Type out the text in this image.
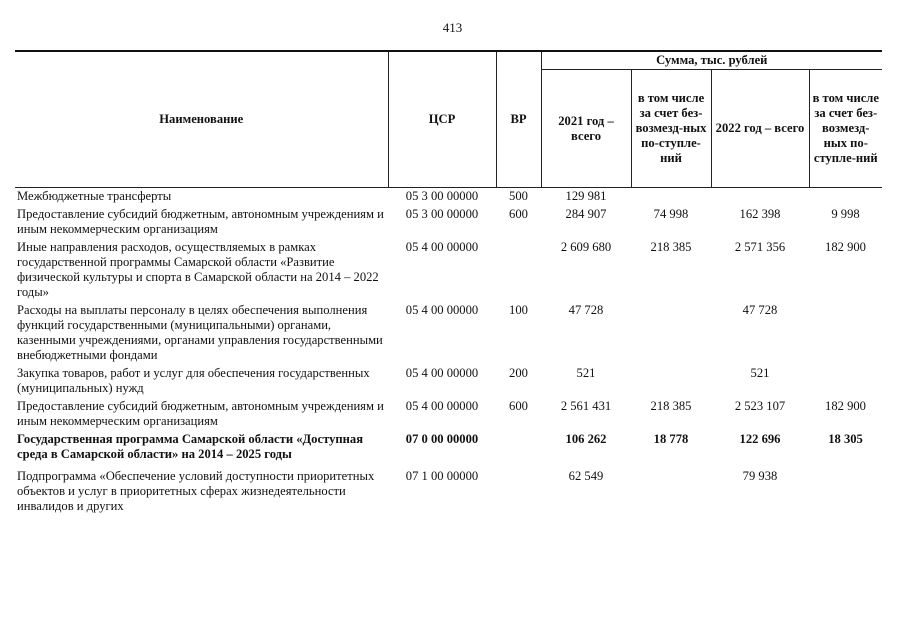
413
Наименование	ЦСР	ВР	Сумма, тыс. рублей			
			2021 год – всего	в том числе за счет без-возмезд-ных по-ступле-ний	2022 год – всего	в том числе за счет без-возмезд-ных по-ступле-ний
Межбюджетные трансферты	05 3 00 00000	500	129 981			
Предоставление субсидий бюджетным, автономным учреждениям и иным некоммерческим организациям	05 3 00 00000	600	284 907	74 998	162 398	9 998
Иные направления расходов, осуществляемых в рамках государственной программы Самарской области «Развитие физической культуры и спорта в Самарской области на 2014 – 2022 годы»	05 4 00 00000		2 609 680	218 385	2 571 356	182 900
Расходы на выплаты персоналу в целях обеспечения выполнения функций государственными (муниципальными) органами, казенными учреждениями, органами управления государственными внебюджетными фондами	05 4 00 00000	100	47 728		47 728	
Закупка товаров, работ и услуг для обеспечения государственных (муниципальных) нужд	05 4 00 00000	200	521		521	
Предоставление субсидий бюджетным, автономным учреждениям и иным некоммерческим организациям	05 4 00 00000	600	2 561 431	218 385	2 523 107	182 900
Государственная программа Самарской области «Доступная среда в Самарской области» на 2014 – 2025 годы	07 0 00 00000		106 262	18 778	122 696	18 305
Подпрограмма «Обеспечение условий доступности приоритетных объектов и услуг в приоритетных сферах жизнедеятельности инвалидов и других	07 1 00 00000		62 549		79 938	
